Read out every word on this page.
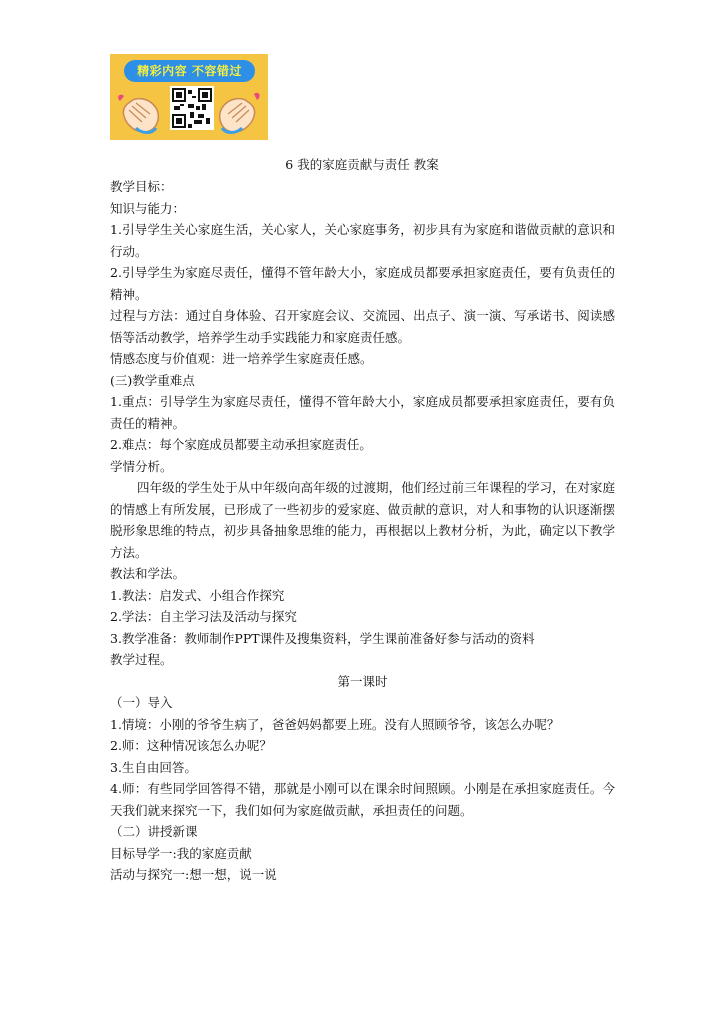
精彩内容 不容错过
6 我的家庭贡献与责任 教案

教学目标：

知识与能力：

1.引导学生关心家庭生活，关心家人，关心家庭事务，初步具有为家庭和谐做贡献的意识和行动。

2.引导学生为家庭尽责任，懂得不管年龄大小，家庭成员都要承担家庭责任，要有负责任的精神。

过程与方法：通过自身体验、召开家庭会议、交流园、出点子、演一演、写承诺书、阅读感悟等活动教学，培养学生动手实践能力和家庭责任感。

情感态度与价值观：进一培养学生家庭责任感。

(三)教学重难点

1.重点：引导学生为家庭尽责任，懂得不管年龄大小，家庭成员都要承担家庭责任，要有负责任的精神。

2.难点：每个家庭成员都要主动承担家庭责任。

学情分析。

四年级的学生处于从中年级向高年级的过渡期，他们经过前三年课程的学习，在对家庭的情感上有所发展，已形成了一些初步的爱家庭、做贡献的意识，对人和事物的认识逐渐摆脱形象思维的特点，初步具备抽象思维的能力，再根据以上教材分析，为此，确定以下教学方法。

教法和学法。

1.教法：启发式、小组合作探究

2.学法：自主学习法及活动与探究

3.教学准备：教师制作PPT课件及搜集资料，学生课前准备好参与活动的资料

教学过程。

第一课时

（一）导入

1.情境：小刚的爷爷生病了，爸爸妈妈都要上班。没有人照顾爷爷，该怎么办呢？

2.师：这种情况该怎么办呢？

3.生自由回答。

4.师：有些同学回答得不错，那就是小刚可以在课余时间照顾。小刚是在承担家庭责任。今天我们就来探究一下，我们如何为家庭做贡献，承担责任的问题。

（二）讲授新课

目标导学一:我的家庭贡献

活动与探究一:想一想，说一说
